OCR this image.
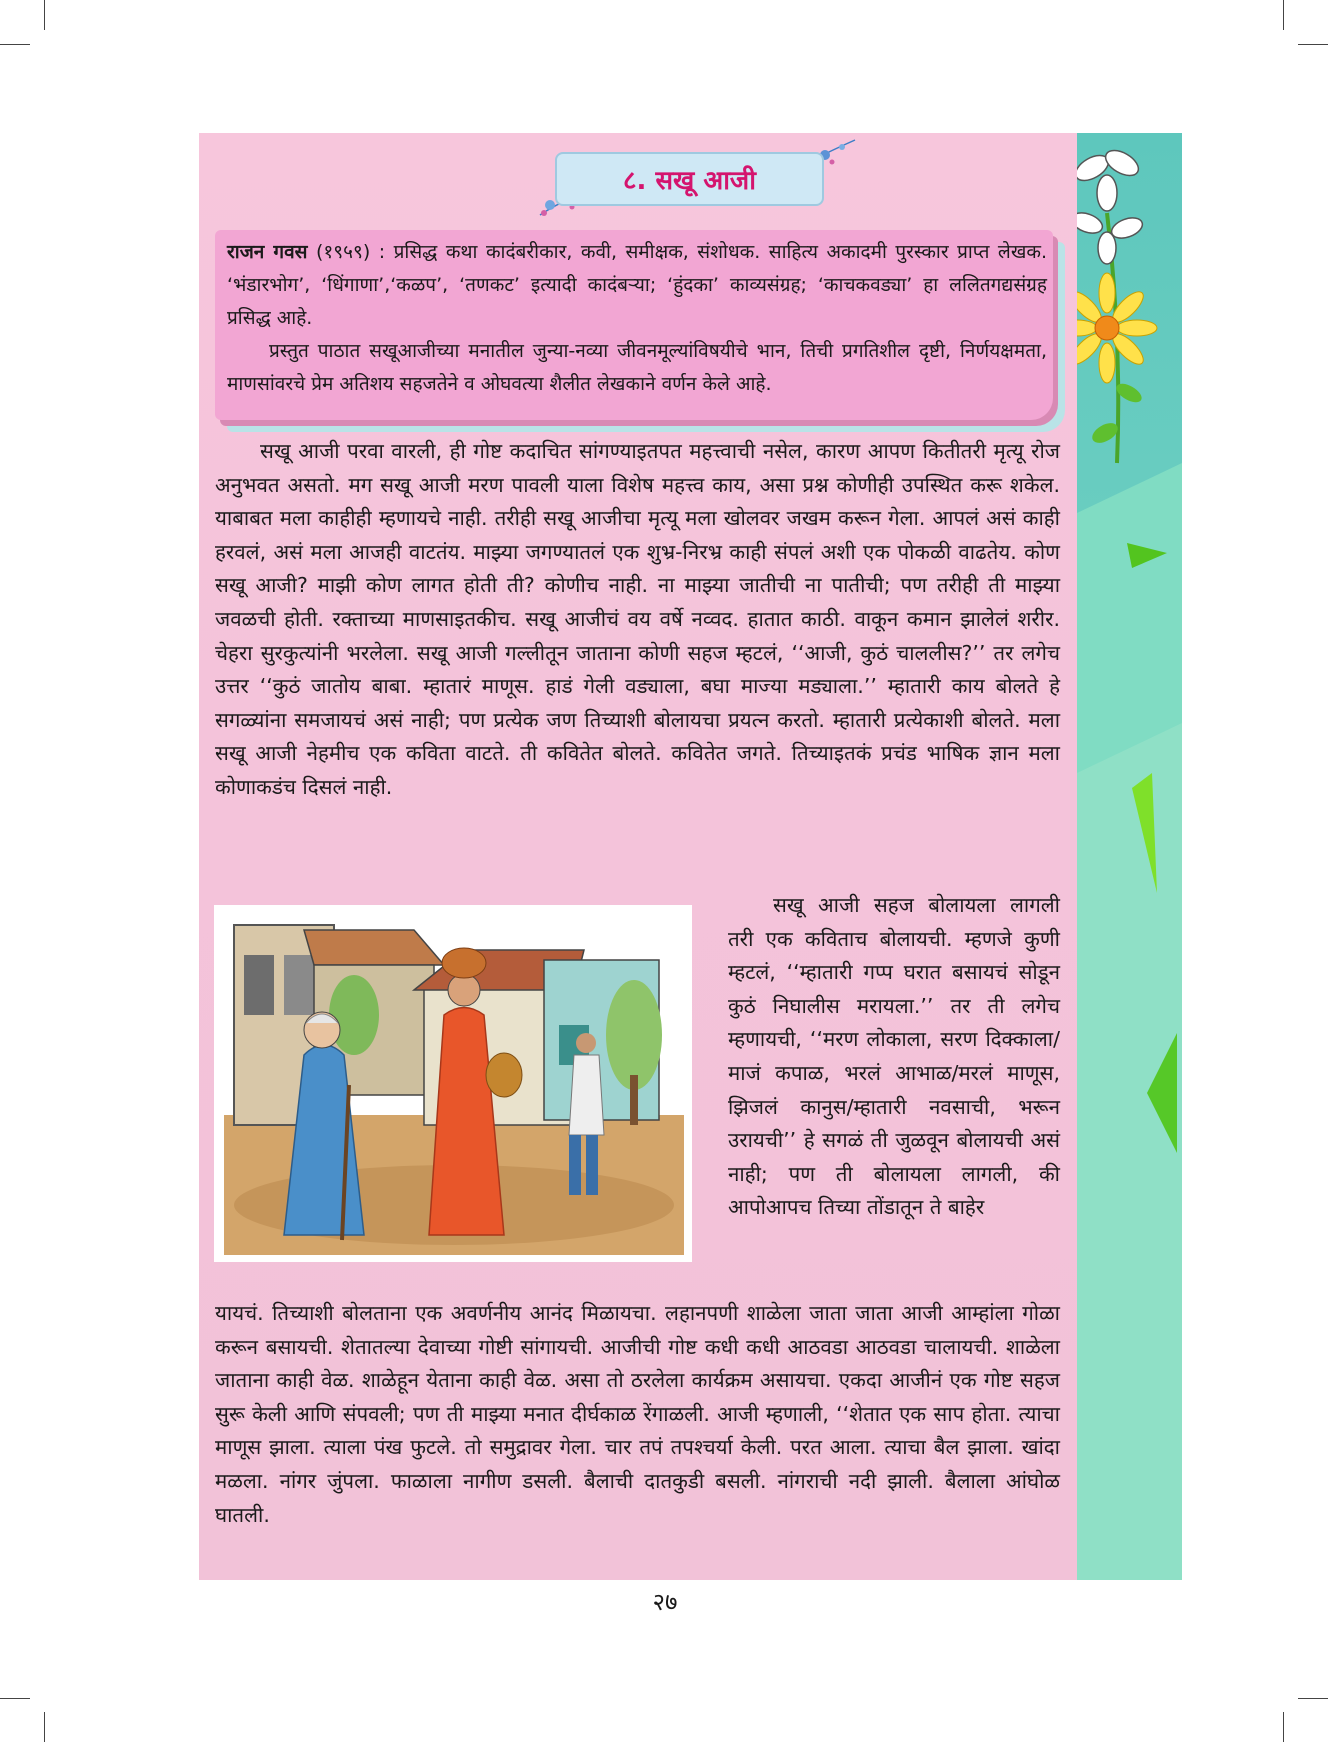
८. सखू आजी

राजन गवस (१९५९) : प्रसिद्ध कथा कादंबरीकार, कवी, समीक्षक, संशोधक. साहित्य अकादमी पुरस्कार प्राप्त लेखक. ‘भंडारभोग’, ‘धिंगाणा’,‘कळप’, ‘तणकट’ इत्यादी कादंबऱ्या; ‘हुंदका’ काव्यसंग्रह; ‘काचकवड्या’ हा ललितगद्यसंग्रह प्रसिद्ध आहे.

प्रस्तुत पाठात सखूआजीच्या मनातील जुन्या-नव्या जीवनमूल्यांविषयीचे भान, तिची प्रगतिशील दृष्टी, निर्णयक्षमता, माणसांवरचे प्रेम अतिशय सहजतेने व ओघवत्या शैलीत लेखकाने वर्णन केले आहे.

सखू आजी परवा वारली, ही गोष्ट कदाचित सांगण्याइतपत महत्त्वाची नसेल, कारण आपण कितीतरी मृत्यू रोज अनुभवत असतो. मग सखू आजी मरण पावली याला विशेष महत्त्व काय, असा प्रश्न कोणीही उपस्थित करू शकेल. याबाबत मला काहीही म्हणायचे नाही. तरीही सखू आजीचा मृत्यू मला खोलवर जखम करून गेला. आपलं असं काही हरवलं, असं मला आजही वाटतंय. माझ्या जगण्यातलं एक शुभ्र-निरभ्र काही संपलं अशी एक पोकळी वाढतेय. कोण सखू आजी? माझी कोण लागत होती ती? कोणीच नाही. ना माझ्या जातीची ना पातीची; पण तरीही ती माझ्या जवळची होती. रक्ताच्या माणसाइतकीच. सखू आजीचं वय वर्षे नव्वद. हातात काठी. वाकून कमान झालेलं शरीर. चेहरा सुरकुत्यांनी भरलेला. सखू आजी गल्लीतून जाताना कोणी सहज म्हटलं, ‘‘आजी, कुठं चाललीस?’’ तर लगेच उत्तर ‘‘कुठं जातोय बाबा. म्हातारं माणूस. हाडं गेली वड्याला, बघा माज्या मड्याला.’’ म्हातारी काय बोलते हे सगळ्यांना समजायचं असं नाही; पण प्रत्येक जण तिच्याशी बोलायचा प्रयत्न करतो. म्हातारी प्रत्येकाशी बोलते. मला सखू आजी नेहमीच एक कविता वाटते. ती कवितेत बोलते. कवितेत जगते. तिच्याइतकं प्रचंड भाषिक ज्ञान मला कोणाकडंच दिसलं नाही.

सखू आजी सहज बोलायला लागली तरी एक कविताच बोलायची. म्हणजे कुणी म्हटलं, ‘‘म्हातारी गप्प घरात बसायचं सोडून कुठं निघालीस मरायला.’’ तर ती लगेच म्हणायची, ‘‘मरण लोकाला, सरण दिक्काला/माजं कपाळ, भरलं आभाळ/मरलं माणूस, झिजलं कानुस/म्हातारी नवसाची, भरून उरायची’’ हे सगळं ती जुळवून बोलायची असं नाही; पण ती बोलायला लागली, की आपोआपच तिच्या तोंडातून ते बाहेर

यायचं. तिच्याशी बोलताना एक अवर्णनीय आनंद मिळायचा. लहानपणी शाळेला जाता जाता आजी आम्हांला गोळा करून बसायची. शेतातल्या देवाच्या गोष्टी सांगायची. आजीची गोष्ट कधी कधी आठवडा आठवडा चालायची. शाळेला जाताना काही वेळ. शाळेहून येताना काही वेळ. असा तो ठरलेला कार्यक्रम असायचा. एकदा आजीनं एक गोष्ट सहज सुरू केली आणि संपवली; पण ती माझ्या मनात दीर्घकाळ रेंगाळली. आजी म्हणाली, ‘‘शेतात एक साप होता. त्याचा माणूस झाला. त्याला पंख फुटले. तो समुद्रावर गेला. चार तपं तपश्चर्या केली. परत आला. त्याचा बैल झाला. खांदा मळला. नांगर जुंपला. फाळाला नागीण डसली. बैलाची दातकुडी बसली. नांगराची नदी झाली. बैलाला आंघोळ घातली.

२७
